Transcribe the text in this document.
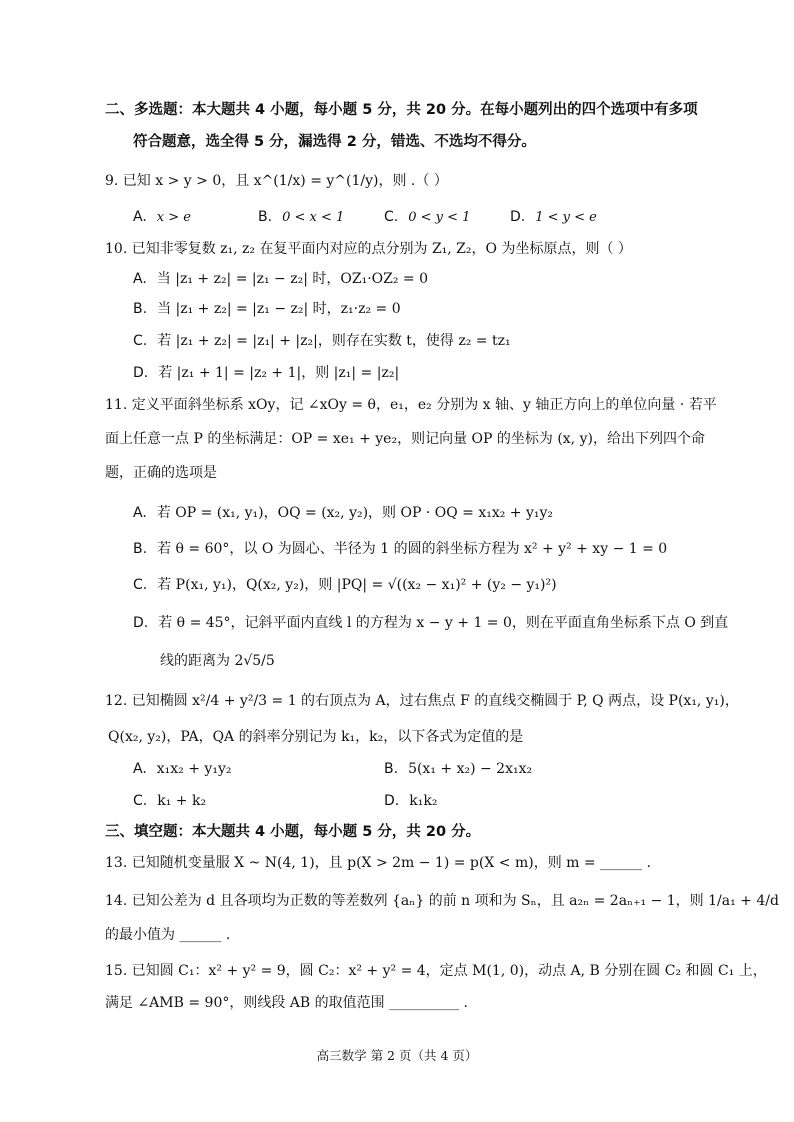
二、多选题：本大题共 4 小题，每小题 5 分，共 20 分。在每小题列出的四个选项中有多项
符合题意，选全得 5 分，漏选得 2 分，错选、不选均不得分。
9. 已知 x > y > 0，且 x^(1/x) = y^(1/y)，则 .（ ）
A. x > e	B. 0 < x < 1	C. 0 < y < 1	D. 1 < y < e
10. 已知非零复数 z₁, z₂ 在复平面内对应的点分别为 Z₁, Z₂，O 为坐标原点，则（ ）
A. 当 |z₁ + z₂| = |z₁ − z₂| 时，OZ₁·OZ₂ = 0
B. 当 |z₁ + z₂| = |z₁ − z₂| 时，z₁·z₂ = 0
C. 若 |z₁ + z₂| = |z₁| + |z₂|，则存在实数 t，使得 z₂ = tz₁
D. 若 |z₁ + 1| = |z₂ + 1|，则 |z₁| = |z₂|
11. 定义平面斜坐标系 xOy，记 ∠xOy = θ，e₁，e₂ 分别为 x 轴、y 轴正方向上的单位向量 · 若平
面上任意一点 P 的坐标满足：OP = xe₁ + ye₂，则记向量 OP 的坐标为 (x, y)，给出下列四个命
题，正确的选项是
A. 若 OP = (x₁, y₁)，OQ = (x₂, y₂)，则 OP · OQ = x₁x₂ + y₁y₂
B. 若 θ = 60°，以 O 为圆心、半径为 1 的圆的斜坐标方程为 x² + y² + xy − 1 = 0
C. 若 P(x₁, y₁)，Q(x₂, y₂)，则 |PQ| = √((x₂ − x₁)² + (y₂ − y₁)²)
D. 若 θ = 45°，记斜平面内直线 l 的方程为 x − y + 1 = 0，则在平面直角坐标系下点 O 到直
线的距离为 2√5/5
12. 已知椭圆 x²/4 + y²/3 = 1 的右顶点为 A，过右焦点 F 的直线交椭圆于 P, Q 两点，设 P(x₁, y₁)，
Q(x₂, y₂)，PA，QA 的斜率分别记为 k₁，k₂，以下各式为定值的是
A. x₁x₂ + y₁y₂	B. 5(x₁ + x₂) − 2x₁x₂
C. k₁ + k₂	D. k₁k₂
三、填空题：本大题共 4 小题，每小题 5 分，共 20 分。
13. 已知随机变量服 X ~ N(4, 1)，且 p(X > 2m − 1) = p(X < m)，则 m = ______ .
14. 已知公差为 d 且各项均为正数的等差数列 {aₙ} 的前 n 项和为 Sₙ，且 a₂ₙ = 2aₙ₊₁ − 1，则 1/a₁ + 4/d
的最小值为 ______ .
15. 已知圆 C₁：x² + y² = 9，圆 C₂：x² + y² = 4，定点 M(1, 0)，动点 A, B 分别在圆 C₂ 和圆 C₁ 上，
满足 ∠AMB = 90°，则线段 AB 的取值范围 __________ .
高三数学 第 2 页（共 4 页）
